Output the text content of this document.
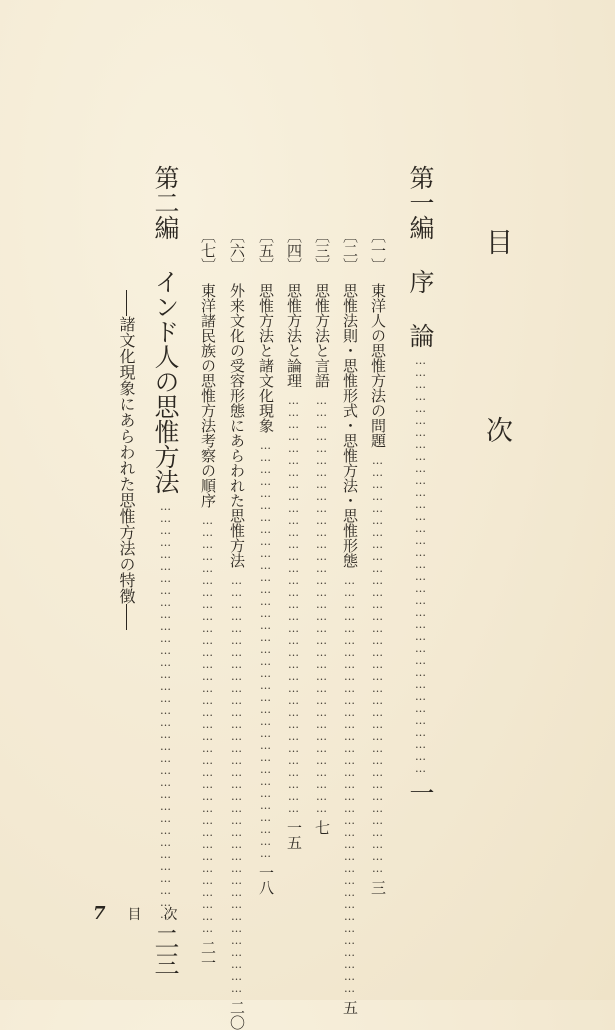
目 次
第一編 序 論
……………………………………………………………………………………………
一
〔一〕
東洋人の思惟方法の問題
……………………………………………………………………………………………
三
〔二〕
思惟法則・思惟形式・思惟方法・思惟形態
……………………………………………………………………………………………
五
〔三〕
思惟方法と言語
……………………………………………………………………………………………
七
〔四〕
思惟方法と論理
……………………………………………………………………………………………
一五
〔五〕
思惟方法と諸文化現象
……………………………………………………………………………………………
一八
〔六〕
外来文化の受容形態にあらわれた思惟方法
……………………………………………………………………………………………
二〇
〔七〕
東洋諸民族の思惟方法考察の順序
……………………………………………………………………………………………
二一
第二編 インド人の思惟方法
……………………………………………………………………………………………
二三
諸文化現象にあらわれた思惟方法の特徴
7 目次
